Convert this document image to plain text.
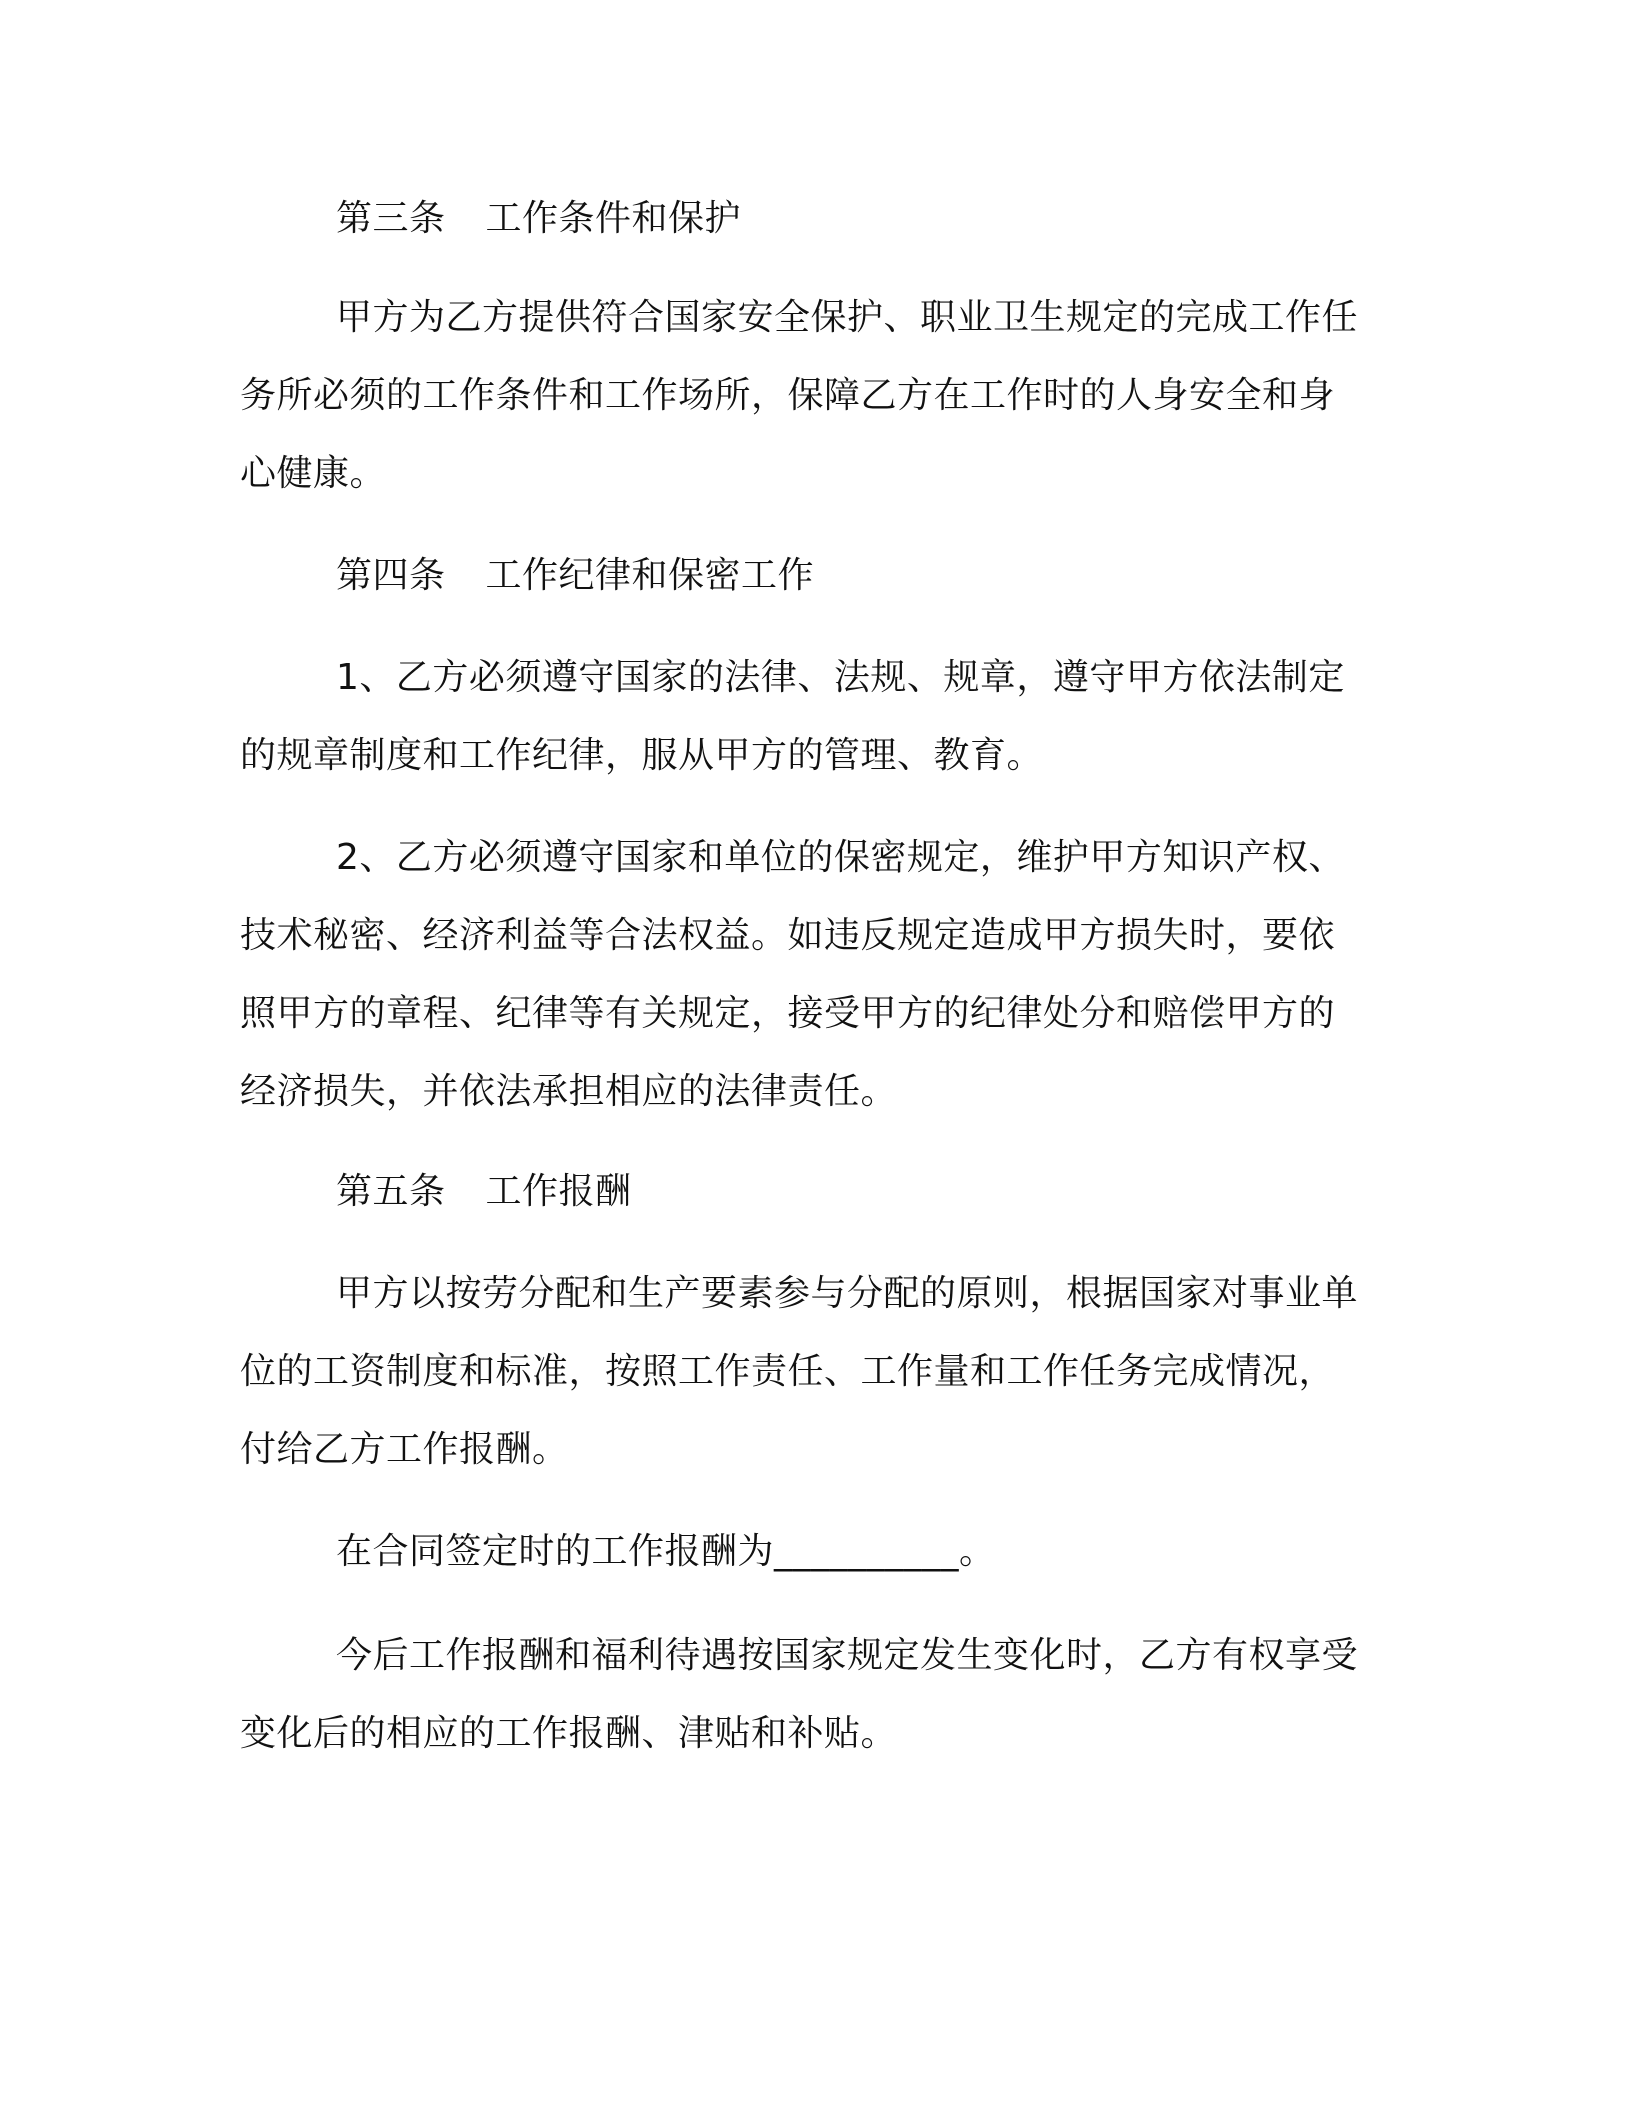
第三条 工作条件和保护

甲方为乙方提供符合国家安全保护、职业卫生规定的完成工作任

务所必须的工作条件和工作场所，保障乙方在工作时的人身安全和身

心健康。

第四条 工作纪律和保密工作

1、乙方必须遵守国家的法律、法规、规章，遵守甲方依法制定

的规章制度和工作纪律，服从甲方的管理、教育。

2、乙方必须遵守国家和单位的保密规定，维护甲方知识产权、

技术秘密、经济利益等合法权益。如违反规定造成甲方损失时，要依

照甲方的章程、纪律等有关规定，接受甲方的纪律处分和赔偿甲方的

经济损失，并依法承担相应的法律责任。

第五条 工作报酬

甲方以按劳分配和生产要素参与分配的原则，根据国家对事业单

位的工资制度和标准，按照工作责任、工作量和工作任务完成情况，

付给乙方工作报酬。

在合同签定时的工作报酬为__________。

今后工作报酬和福利待遇按国家规定发生变化时，乙方有权享受

变化后的相应的工作报酬、津贴和补贴。
